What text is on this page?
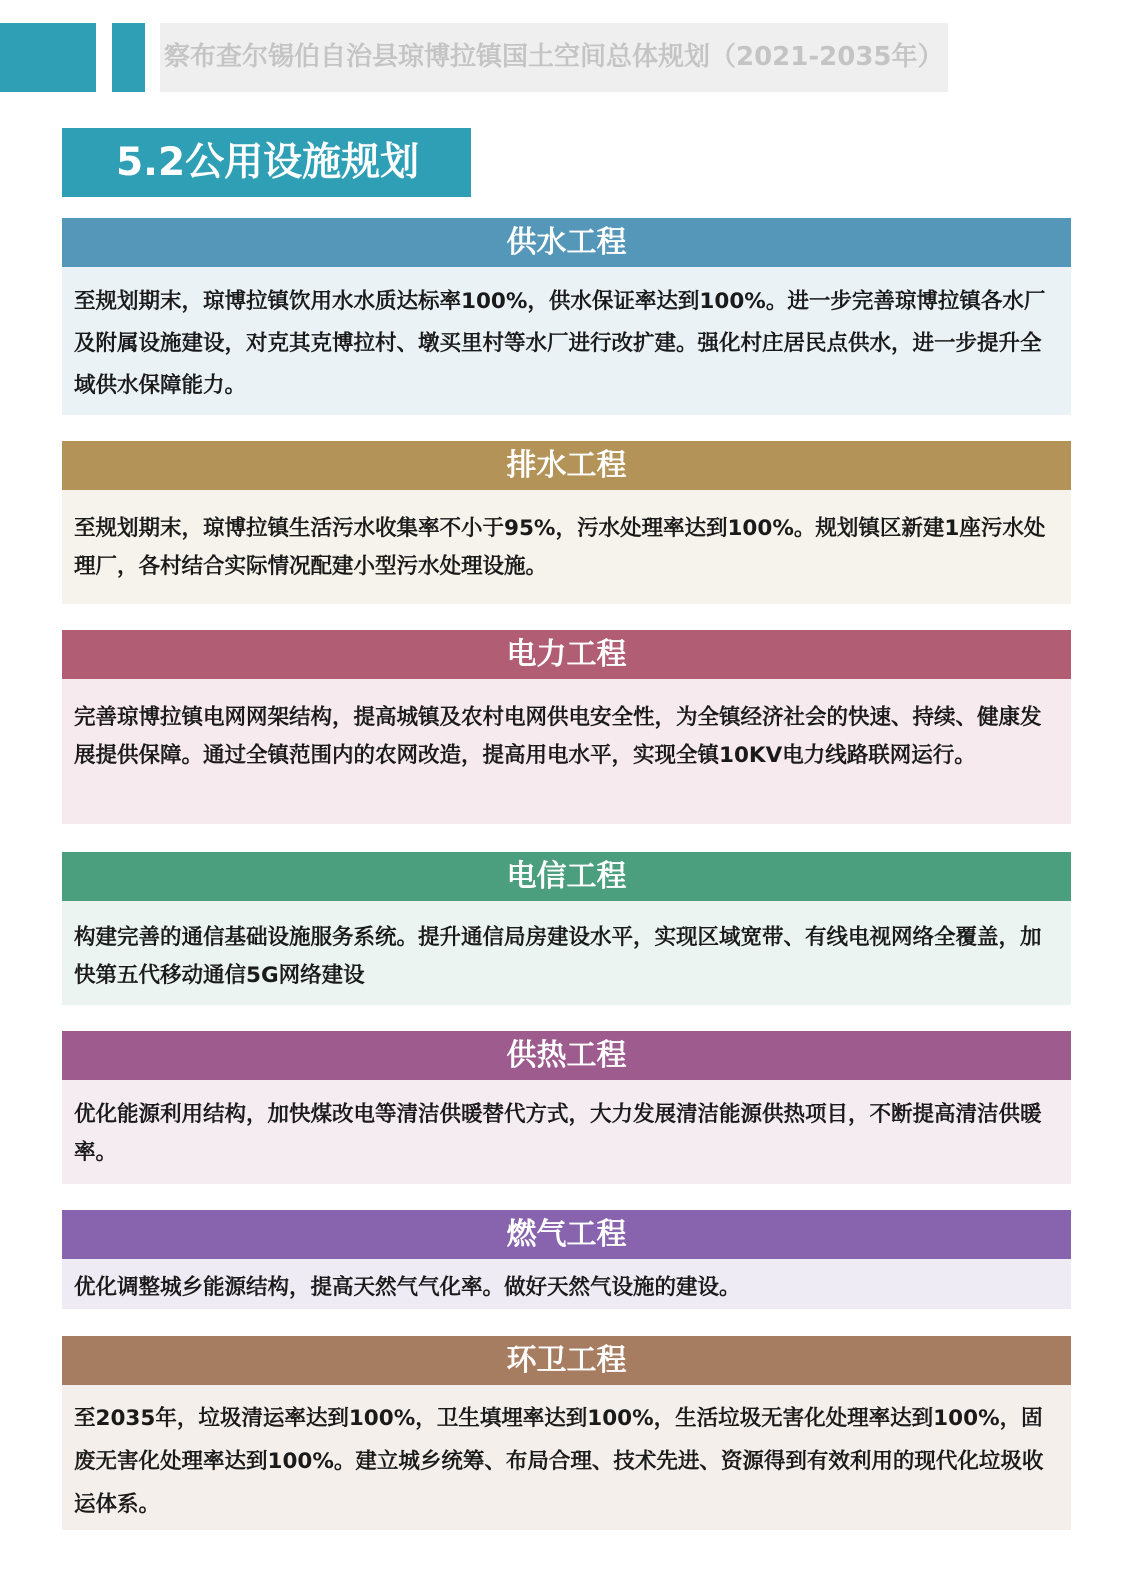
察布查尔锡伯自治县琼博拉镇国土空间总体规划（2021-2035年）
5.2公用设施规划
供水工程
至规划期末，琼博拉镇饮用水水质达标率100%，供水保证率达到100%。进一步完善琼博拉镇各水厂及附属设施建设，对克其克博拉村、墩买里村等水厂进行改扩建。强化村庄居民点供水，进一步提升全域供水保障能力。
排水工程
至规划期末，琼博拉镇生活污水收集率不小于95%，污水处理率达到100%。规划镇区新建1座污水处理厂，各村结合实际情况配建小型污水处理设施。
电力工程
完善琼博拉镇电网网架结构，提高城镇及农村电网供电安全性，为全镇经济社会的快速、持续、健康发展提供保障。通过全镇范围内的农网改造，提高用电水平，实现全镇10KV电力线路联网运行。
电信工程
构建完善的通信基础设施服务系统。提升通信局房建设水平，实现区域宽带、有线电视网络全覆盖，加快第五代移动通信5G网络建设
供热工程
优化能源利用结构，加快煤改电等清洁供暖替代方式，大力发展清洁能源供热项目，不断提高清洁供暖率。
燃气工程
优化调整城乡能源结构，提高天然气气化率。做好天然气设施的建设。
环卫工程
至2035年，垃圾清运率达到100%，卫生填埋率达到100%，生活垃圾无害化处理率达到100%，固废无害化处理率达到100%。建立城乡统筹、布局合理、技术先进、资源得到有效利用的现代化垃圾收运体系。
